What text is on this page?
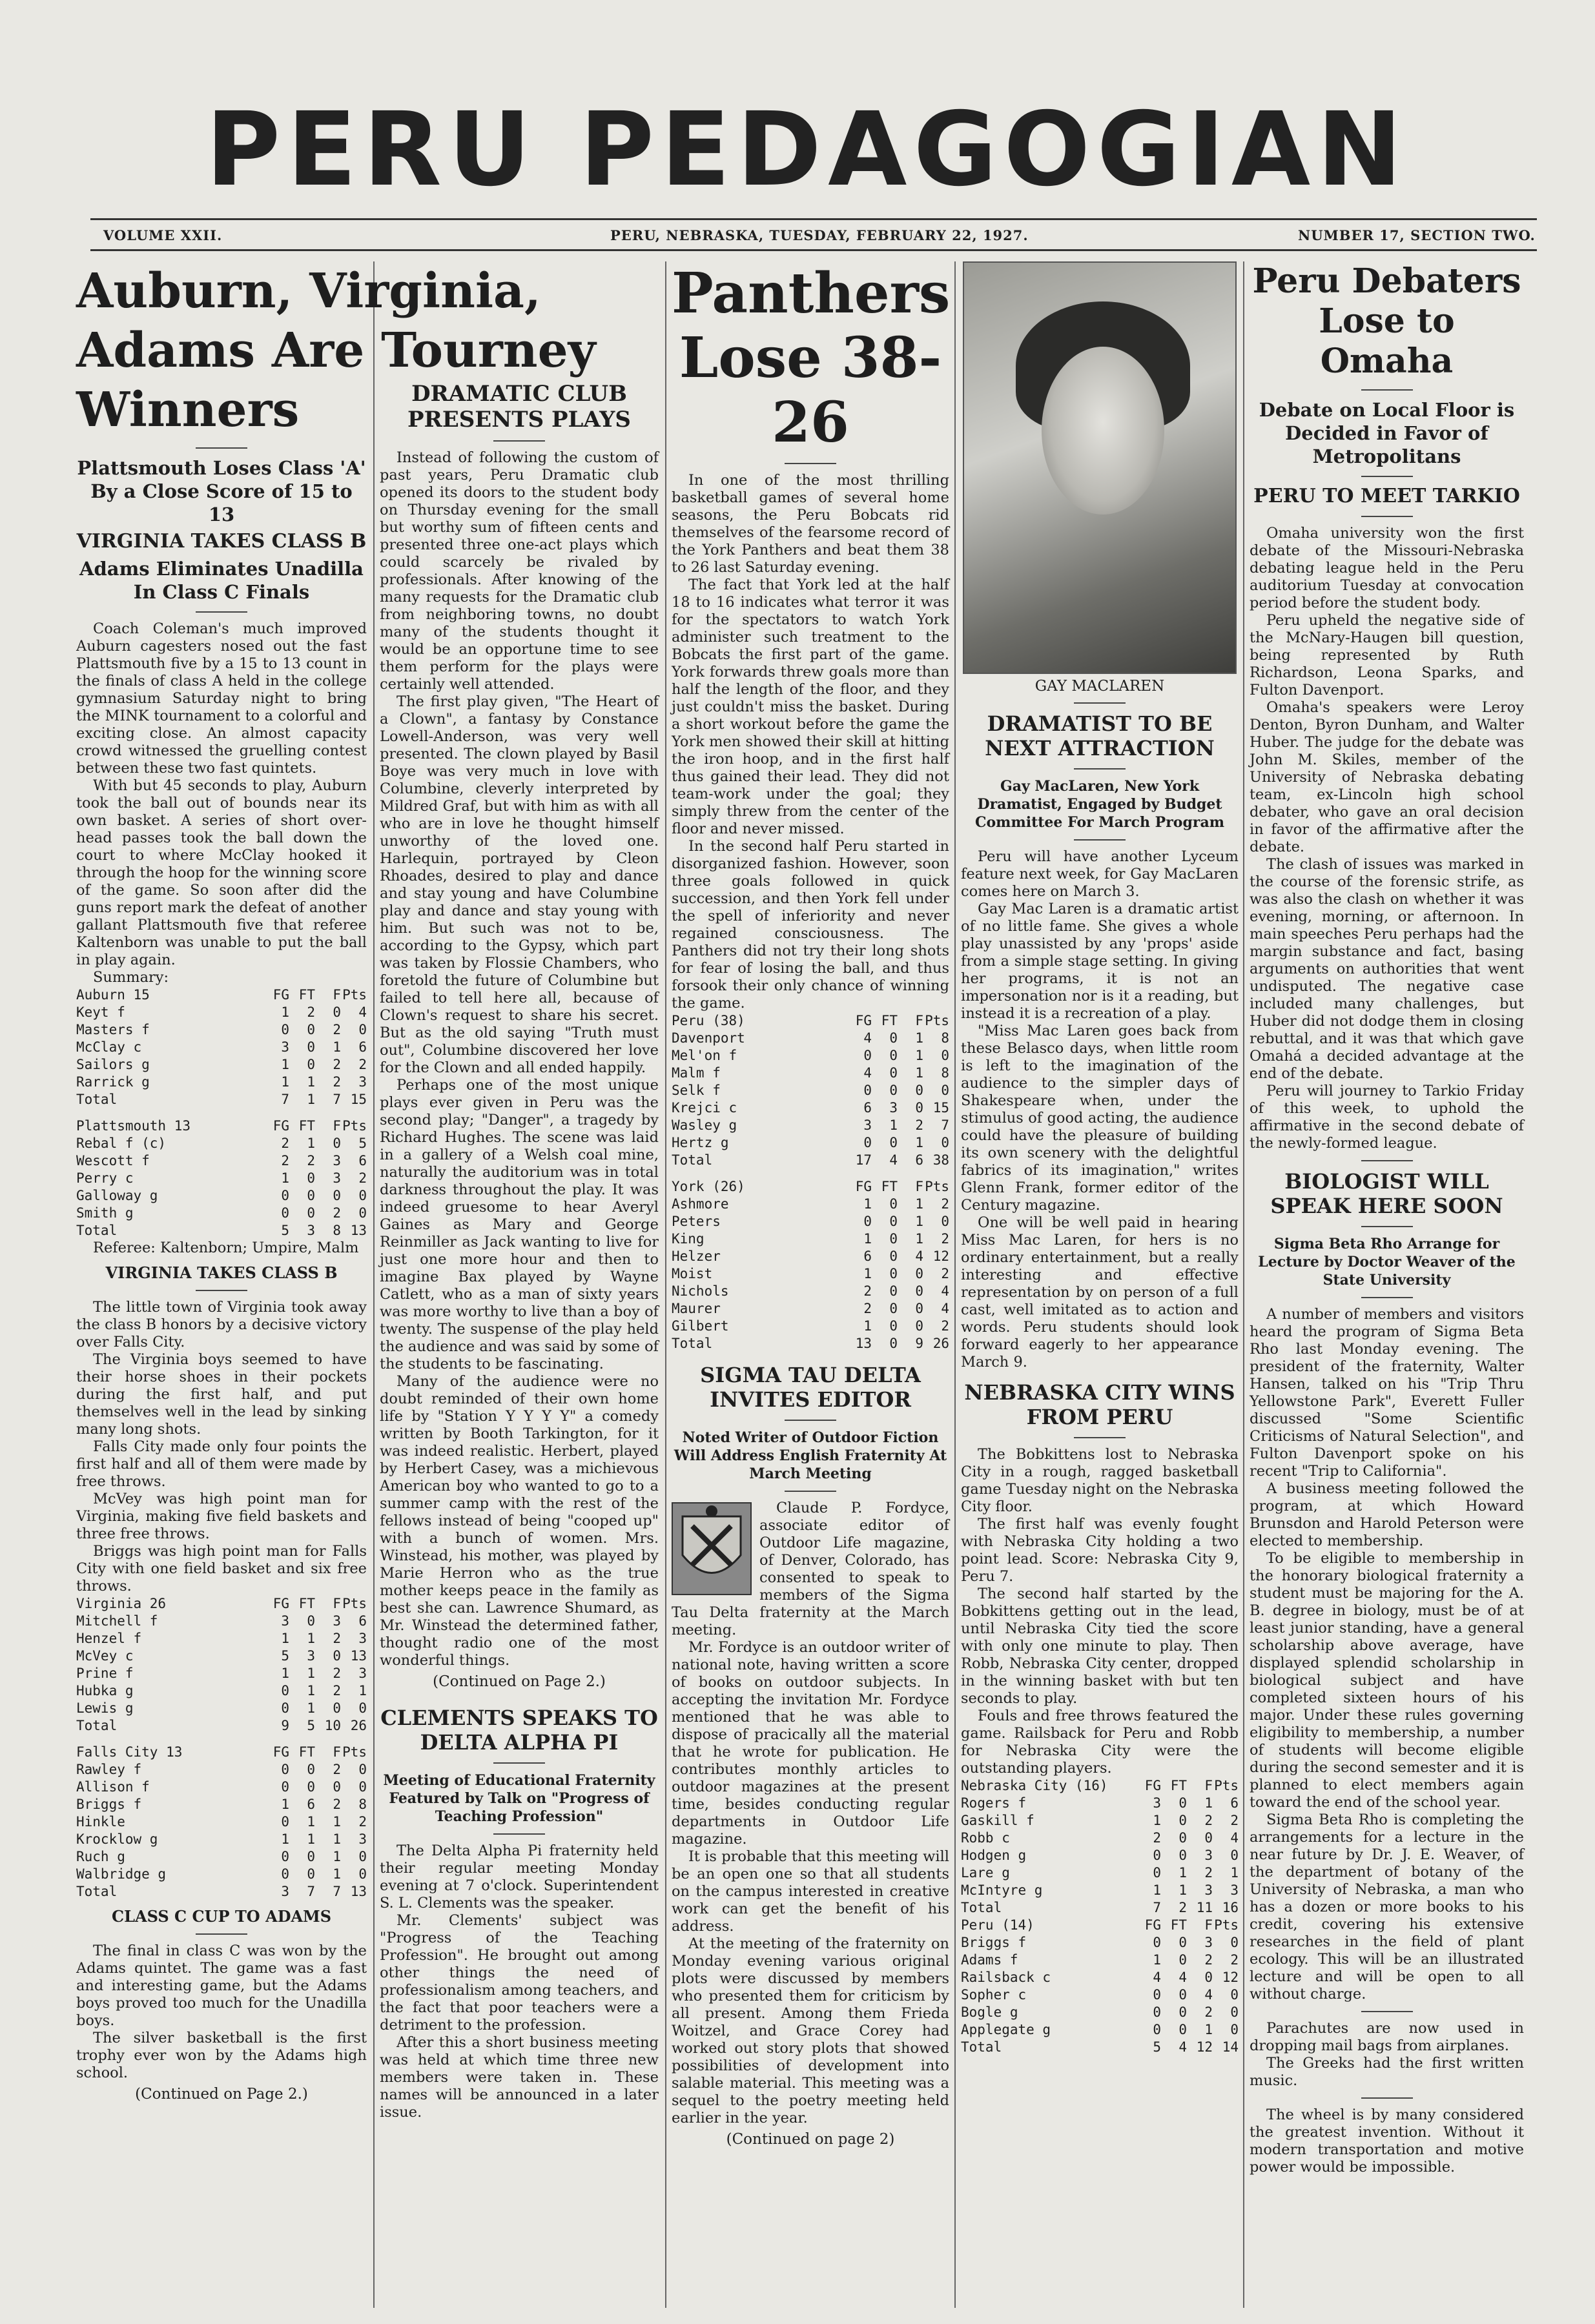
PERU PEDAGOGIAN
VOLUME XXII.	PERU, NEBRASKA, TUESDAY, FEBRUARY 22, 1927.	NUMBER 17, SECTION TWO.
Auburn, Virginia, Adams Are Tourney Winners
Plattsmouth Loses Class 'A' By a Close Score of 15 to 13
VIRGINIA TAKES CLASS B
Adams Eliminates Unadilla In Class C Finals

Coach Coleman's much improved Auburn cagesters nosed out the fast Plattsmouth five by a 15 to 13 count in the finals of class A held in the college gymnasium Saturday night to bring the MINK tournament to a colorful and exciting close. An almost capacity crowd witnessed the gruelling contest between these two fast quintets.

With but 45 seconds to play, Auburn took the ball out of bounds near its own basket. A series of short over-head passes took the ball down the court to where McClay hooked it through the hoop for the winning score of the game. So soon after did the guns report mark the defeat of another gallant Plattsmouth five that referee Kaltenborn was unable to put the ball in play again.

Summary:

Auburn 15	FG	FT	F	Pts
Keyt f	1	2	0	4
Masters f	0	0	2	0
McClay c	3	0	1	6
Sailors g	1	0	2	2
Rarrick g	1	1	2	3
Total	7	1	7	15
Plattsmouth 13	FG	FT	F	Pts
Rebal f (c)	2	1	0	5
Wescott f	2	2	3	6
Perry c	1	0	3	2
Galloway g	0	0	0	0
Smith g	0	0	2	0
Total	5	3	8	13

Referee: Kaltenborn; Umpire, Malm

VIRGINIA TAKES CLASS B

The little town of Virginia took away the class B honors by a decisive victory over Falls City.

The Virginia boys seemed to have their horse shoes in their pockets during the first half, and put themselves well in the lead by sinking many long shots.

Falls City made only four points the first half and all of them were made by free throws.

McVey was high point man for Virginia, making five field baskets and three free throws.

Briggs was high point man for Falls City with one field basket and six free throws.

Virginia 26	FG	FT	F	Pts
Mitchell f	3	0	3	6
Henzel f	1	1	2	3
McVey c	5	3	0	13
Prine f	1	1	2	3
Hubka g	0	1	2	1
Lewis g	0	1	0	0
Total	9	5	10	26
Falls City 13	FG	FT	F	Pts
Rawley f	0	0	2	0
Allison f	0	0	0	0
Briggs f	1	6	2	8
Hinkle	0	1	1	2
Krocklow g	1	1	1	3
Ruch g	0	0	1	0
Walbridge g	0	0	1	0
Total	3	7	7	13
CLASS C CUP TO ADAMS

The final in class C was won by the Adams quintet. The game was a fast and interesting game, but the Adams boys proved too much for the Unadilla boys.

The silver basketball is the first trophy ever won by the Adams high school.

(Continued on Page 2.)
DRAMATIC CLUB PRESENTS PLAYS

Instead of following the custom of past years, Peru Dramatic club opened its doors to the student body on Thursday evening for the small but worthy sum of fifteen cents and presented three one-act plays which could scarcely be rivaled by professionals. After knowing of the many requests for the Dramatic club from neighboring towns, no doubt many of the students thought it would be an opportune time to see them perform for the plays were certainly well attended.

The first play given, "The Heart of a Clown", a fantasy by Constance Lowell-Anderson, was very well presented. The clown played by Basil Boye was very much in love with Columbine, cleverly interpreted by Mildred Graf, but with him as with all who are in love he thought himself unworthy of the loved one. Harlequin, portrayed by Cleon Rhoades, desired to play and dance and stay young and have Columbine play and dance and stay young with him. But such was not to be, according to the Gypsy, which part was taken by Flossie Chambers, who foretold the future of Columbine but failed to tell here all, because of Clown's request to share his secret. But as the old saying "Truth must out", Columbine discovered her love for the Clown and all ended happily.

Perhaps one of the most unique plays ever given in Peru was the second play; "Danger", a tragedy by Richard Hughes. The scene was laid in a gallery of a Welsh coal mine, naturally the auditorium was in total darkness throughout the play. It was indeed gruesome to hear Averyl Gaines as Mary and George Reinmiller as Jack wanting to live for just one more hour and then to imagine Bax played by Wayne Catlett, who as a man of sixty years was more worthy to live than a boy of twenty. The suspense of the play held the audience and was said by some of the students to be fascinating.

Many of the audience were no doubt reminded of their own home life by "Station Y Y Y Y" a comedy written by Booth Tarkington, for it was indeed realistic. Herbert, played by Herbert Casey, was a michievous American boy who wanted to go to a summer camp with the rest of the fellows instead of being "cooped up" with a bunch of women. Mrs. Winstead, his mother, was played by Marie Herron who as the true mother keeps peace in the family as best she can. Lawrence Shumard, as Mr. Winstead the determined father, thought radio one of the most wonderful things.

(Continued on Page 2.)
CLEMENTS SPEAKS TO DELTA ALPHA PI
Meeting of Educational Fraternity Featured by Talk on "Progress of Teaching Profession"

The Delta Alpha Pi fraternity held their regular meeting Monday evening at 7 o'clock. Superintendent S. L. Clements was the speaker.

Mr. Clements' subject was "Progress of the Teaching Profession". He brought out among other things the need of professionalism among teachers, and the fact that poor teachers were a detriment to the profession.

After this a short business meeting was held at which time three new members were taken in. These names will be announced in a later issue.

Panthers Lose 38-26

In one of the most thrilling basketball games of several home seasons, the Peru Bobcats rid themselves of the fearsome record of the York Panthers and beat them 38 to 26 last Saturday evening.

The fact that York led at the half 18 to 16 indicates what terror it was for the spectators to watch York administer such treatment to the Bobcats the first part of the game. York forwards threw goals more than half the length of the floor, and they just couldn't miss the basket. During a short workout before the game the York men showed their skill at hitting the iron hoop, and in the first half thus gained their lead. They did not team-work under the goal; they simply threw from the center of the floor and never missed.

In the second half Peru started in disorganized fashion. However, soon three goals followed in quick succession, and then York fell under the spell of inferiority and never regained consciousness. The Panthers did not try their long shots for fear of losing the ball, and thus forsook their only chance of winning the game.

Peru (38)	FG	FT	F	Pts
Davenport	4	0	1	8
Mel'on f	0	0	1	0
Malm f	4	0	1	8
Selk f	0	0	0	0
Krejci c	6	3	0	15
Wasley g	3	1	2	7
Hertz g	0	0	1	0
Total	17	4	6	38
York (26)	FG	FT	F	Pts
Ashmore	1	0	1	2
Peters	0	0	1	0
King	1	0	1	2
Helzer	6	0	4	12
Moist	1	0	0	2
Nichols	2	0	0	4
Maurer	2	0	0	4
Gilbert	1	0	0	2
Total	13	0	9	26
SIGMA TAU DELTA INVITES EDITOR
Noted Writer of Outdoor Fiction Will Address English Fraternity At March Meeting

Claude P. Fordyce, associate editor of Outdoor Life magazine, of Denver, Colorado, has consented to speak to members of the Sigma Tau Delta fraternity at the March meeting.

Mr. Fordyce is an outdoor writer of national note, having written a score of books on outdoor subjects. In accepting the invitation Mr. Fordyce mentioned that he was able to dispose of pracically all the material that he wrote for publication. He contributes monthly articles to outdoor magazines at the present time, besides conducting regular departments in Outdoor Life magazine.

It is probable that this meeting will be an open one so that all students on the campus interested in creative work can get the benefit of his address.

At the meeting of the fraternity on Monday evening various original plots were discussed by members who presented them for criticism by all present. Among them Frieda Woitzel, and Grace Corey had worked out story plots that showed possibilities of development into salable material. This meeting was a sequel to the poetry meeting held earlier in the year.

(Continued on page 2)
GAY MACLAREN
DRAMATIST TO BE NEXT ATTRACTION
Gay MacLaren, New York Dramatist, Engaged by Budget Committee For March Program

Peru will have another Lyceum feature next week, for Gay MacLaren comes here on March 3.

Gay Mac Laren is a dramatic artist of no little fame. She gives a whole play unassisted by any 'props' aside from a simple stage setting. In giving her programs, it is not an impersonation nor is it a reading, but instead it is a recreation of a play.

"Miss Mac Laren goes back from these Belasco days, when little room is left to the imagination of the audience to the simpler days of Shakespeare when, under the stimulus of good acting, the audience could have the pleasure of building its own scenery with the delightful fabrics of its imagination," writes Glenn Frank, former editor of the Century magazine.

One will be well paid in hearing Miss Mac Laren, for hers is no ordinary entertainment, but a really interesting and effective representation by on person of a full cast, well imitated as to action and words. Peru students should look forward eagerly to her appearance March 9.

NEBRASKA CITY WINS FROM PERU

The Bobkittens lost to Nebraska City in a rough, ragged basketball game Tuesday night on the Nebraska City floor.

The first half was evenly fought with Nebraska City holding a two point lead. Score: Nebraska City 9, Peru 7.

The second half started by the Bobkittens getting out in the lead, until Nebraska City tied the score with only one minute to play. Then Robb, Nebraska City center, dropped in the winning basket with but ten seconds to play.

Fouls and free throws featured the game. Railsback for Peru and Robb for Nebraska City were the outstanding players.

Nebraska City (16)	FG	FT	F	Pts
Rogers f	3	0	1	6
Gaskill f	1	0	2	2
Robb c	2	0	0	4
Hodgen g	0	0	3	0
Lare g	0	1	2	1
McIntyre g	1	1	3	3
Total	7	2	11	16
Peru (14)	FG	FT	F	Pts
Briggs f	0	0	3	0
Adams f	1	0	2	2
Railsback c	4	4	0	12
Sopher c	0	0	4	0
Bogle g	0	0	2	0
Applegate g	0	0	1	0
Total	5	4	12	14
Peru Debaters Lose to Omaha
Debate on Local Floor is Decided in Favor of Metropolitans
PERU TO MEET TARKIO

Omaha university won the first debate of the Missouri-Nebraska debating league held in the Peru auditorium Tuesday at convocation period before the student body.

Peru upheld the negative side of the McNary-Haugen bill question, being represented by Ruth Richardson, Leona Sparks, and Fulton Davenport.

Omaha's speakers were Leroy Denton, Byron Dunham, and Walter Huber. The judge for the debate was John M. Skiles, member of the University of Nebraska debating team, ex-Lincoln high school debater, who gave an oral decision in favor of the affirmative after the debate.

The clash of issues was marked in the course of the forensic strife, as was also the clash on whether it was evening, morning, or afternoon. In main speeches Peru perhaps had the margin substance and fact, basing arguments on authorities that went undisputed. The negative case included many challenges, but Huber did not dodge them in closing rebuttal, and it was that which gave Omahá a decided advantage at the end of the debate.

Peru will journey to Tarkio Friday of this week, to uphold the affirmative in the second debate of the newly-formed league.

BIOLOGIST WILL SPEAK HERE SOON
Sigma Beta Rho Arrange for Lecture by Doctor Weaver of the State University

A number of members and visitors heard the program of Sigma Beta Rho last Monday evening. The president of the fraternity, Walter Hansen, talked on his "Trip Thru Yellowstone Park", Everett Fuller discussed "Some Scientific Criticisms of Natural Selection", and Fulton Davenport spoke on his recent "Trip to California".

A business meeting followed the program, at which Howard Brunsdon and Harold Peterson were elected to membership.

To be eligible to membership in the honorary biological fraternity a student must be majoring for the A. B. degree in biology, must be of at least junior standing, have a general scholarship above average, have displayed splendid scholarship in biological subject and have completed sixteen hours of his major. Under these rules governing eligibility to membership, a number of students will become eligible during the second semester and it is planned to elect members again toward the end of the school year.

Sigma Beta Rho is completing the arrangements for a lecture in the near future by Dr. J. E. Weaver, of the department of botany of the University of Nebraska, a man who has a dozen or more books to his credit, covering his extensive researches in the field of plant ecology. This will be an illustrated lecture and will be open to all without charge.

Parachutes are now used in dropping mail bags from airplanes.

The Greeks had the first written music.

The wheel is by many considered the greatest invention. Without it modern transportation and motive power would be impossible.
